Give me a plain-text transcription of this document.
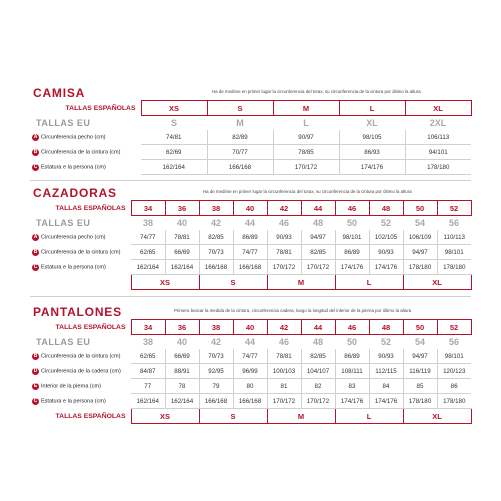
CAMISA	Ha de medirse en primer lugar la circunferencia del torax, su circunferencia de la cintura por último la altura
TALLAS ESPAÑOLAS	XS	S	M	L	XL
TALLAS EU	S	M	L	XL	2XL
A Circunferencia pecho (cm)	74/81	82/89	90/97	98/105	106/113
B Circunferencia de la cintura (cm)	62/69	70/77	78/85	86/93	94/101
C Estatura e la persona (cm)	162/164	166/168	170/172	174/176	178/180
CAZADORAS	Ha de medirse en primer lugar la circunferencia del torax, su circunferencia de la cintura por último la altura
TALLAS ESPAÑOLAS	34	36	38	40	42	44	46	48	50	52
TALLAS EU	38	40	42	44	46	48	50	52	54	56
A Circunferencia pecho (cm)	74/77	78/81	82/85	86/89	90/93	94/97	98/101	102/105	106/109	110/113
B Circunferencia de la cintura (cm)	62/65	66/69	70/73	74/77	78/81	82/85	86/89	90/93	94/97	98/101
C Estatura e la persona (cm)	162/164	162/164	166/168	166/168	170/172	170/172	174/176	174/176	178/180	178/180
	XS		S		M		L		XL	
PANTALONES	Primero buscar la medida de la cintura, circunferencia cadera, luego la longitud del interior de la pierna por último la altura
TALLAS ESPAÑOLAS	34	36	38	40	42	44	46	48	50	52
TALLAS EU	38	40	42	44	46	48	50	52	54	56
B Circunferencia de la cintura (cm)	62/65	66/69	70/73	74/77	78/81	82/85	86/89	90/93	94/97	98/101
D Circunferencia de la cadera (cm)	84/87	88/91	92/95	96/99	100/103	104/107	108/111	112/115	116/119	120/123
E Interior de la pierna (cm)	77	78	79	80	81	82	83	84	85	86
C Estatura e la persona (cm)	162/164	162/164	166/168	166/168	170/172	170/172	174/176	174/176	178/180	178/180
TALLAS ESPAÑOLAS	XS		S		M		L		XL	
